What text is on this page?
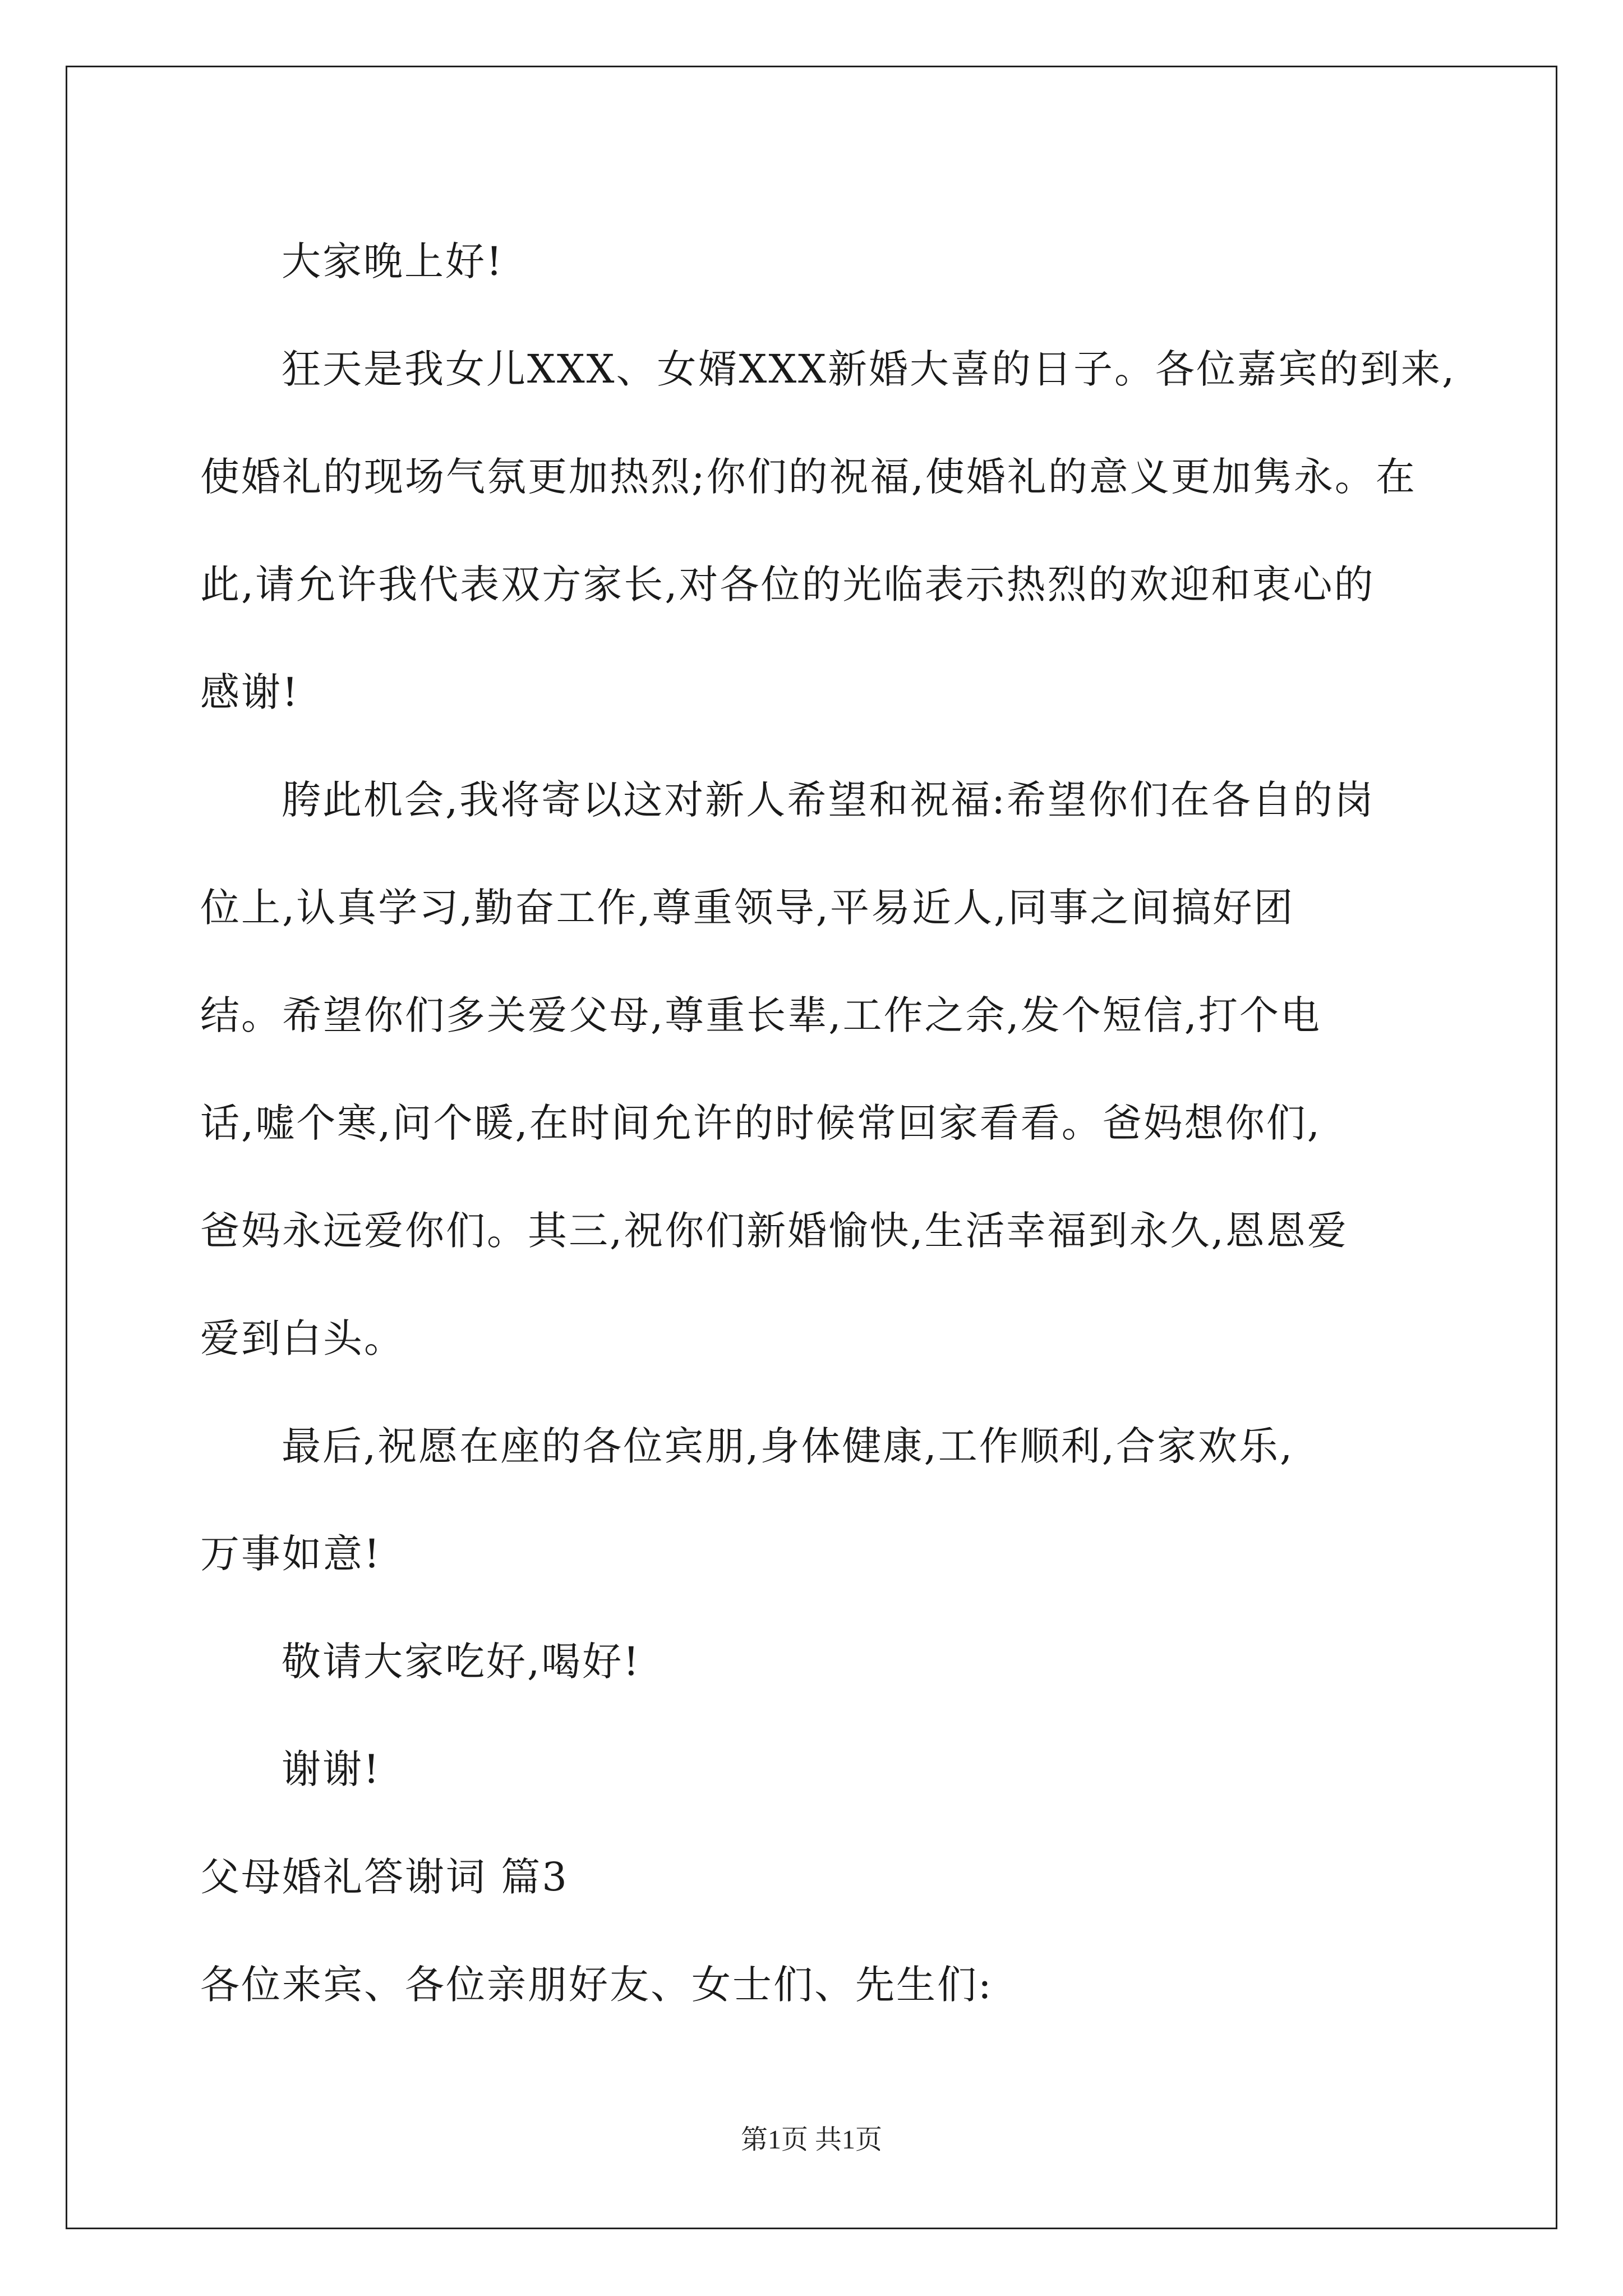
大家晚上好!
狂天是我女儿XXX、女婿XXX新婚大喜的日子。各位嘉宾的到来,
使婚礼的现场气氛更加热烈;你们的祝福,使婚礼的意义更加隽永。在
此,请允许我代表双方家长,对各位的光临表示热烈的欢迎和衷心的
感谢!
胯此机会,我将寄以这对新人希望和祝福:希望你们在各自的岗
位上,认真学习,勤奋工作,尊重领导,平易近人,同事之间搞好团
结。希望你们多关爱父母,尊重长辈,工作之余,发个短信,打个电
话,嘘个寒,问个暖,在时间允许的时候常回家看看。爸妈想你们,
爸妈永远爱你们。其三,祝你们新婚愉快,生活幸福到永久,恩恩爱
爱到白头。
最后,祝愿在座的各位宾朋,身体健康,工作顺利,合家欢乐,
万事如意!
敬请大家吃好,喝好!
谢谢!
父母婚礼答谢词 篇3
各位来宾、各位亲朋好友、女士们、先生们:
第1页 共1页
